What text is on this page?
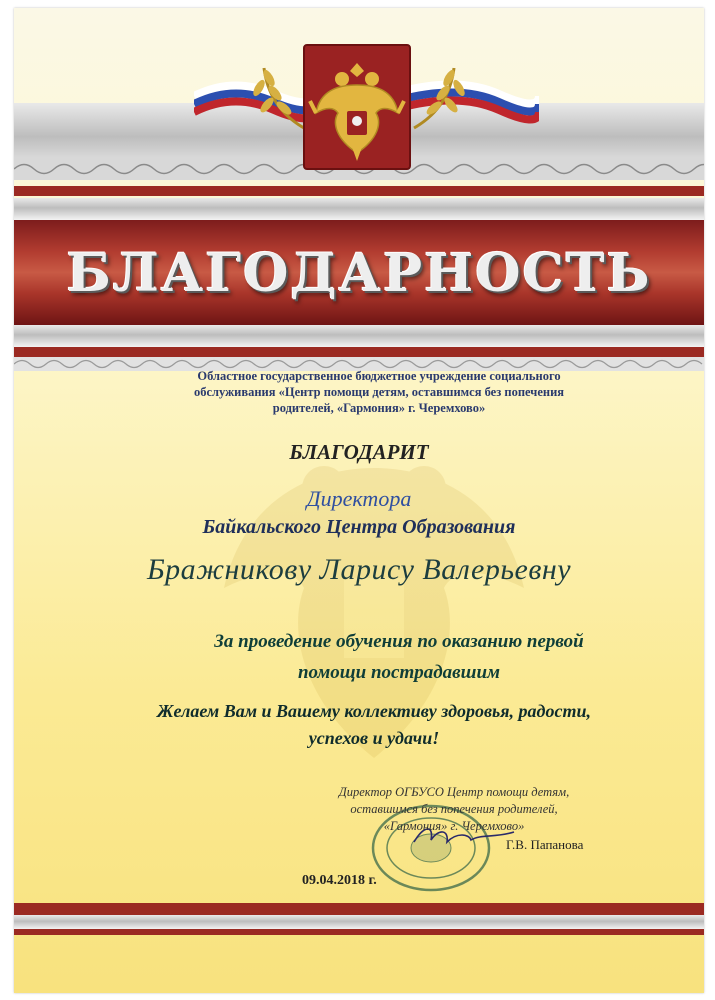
БЛАГОДАРНОСТЬ
Областное государственное бюджетное учреждение социального обслуживания «Центр помощи детям, оставшимся без попечения родителей, «Гармония» г. Черемхово»
БЛАГОДАРИТ
Директора
Байкальского Центра Образования
Бражникову Ларису Валерьевну
За проведение обучения по оказанию первой
помощи пострадавшим
Желаем Вам и Вашему коллективу здоровья, радости,
успехов и удачи!
Директор ОГБУСО Центр помощи детям,
оставшимся без попечения родителей,
«Гармония» г. Черемхово»
Г.В. Папанова
09.04.2018 г.
